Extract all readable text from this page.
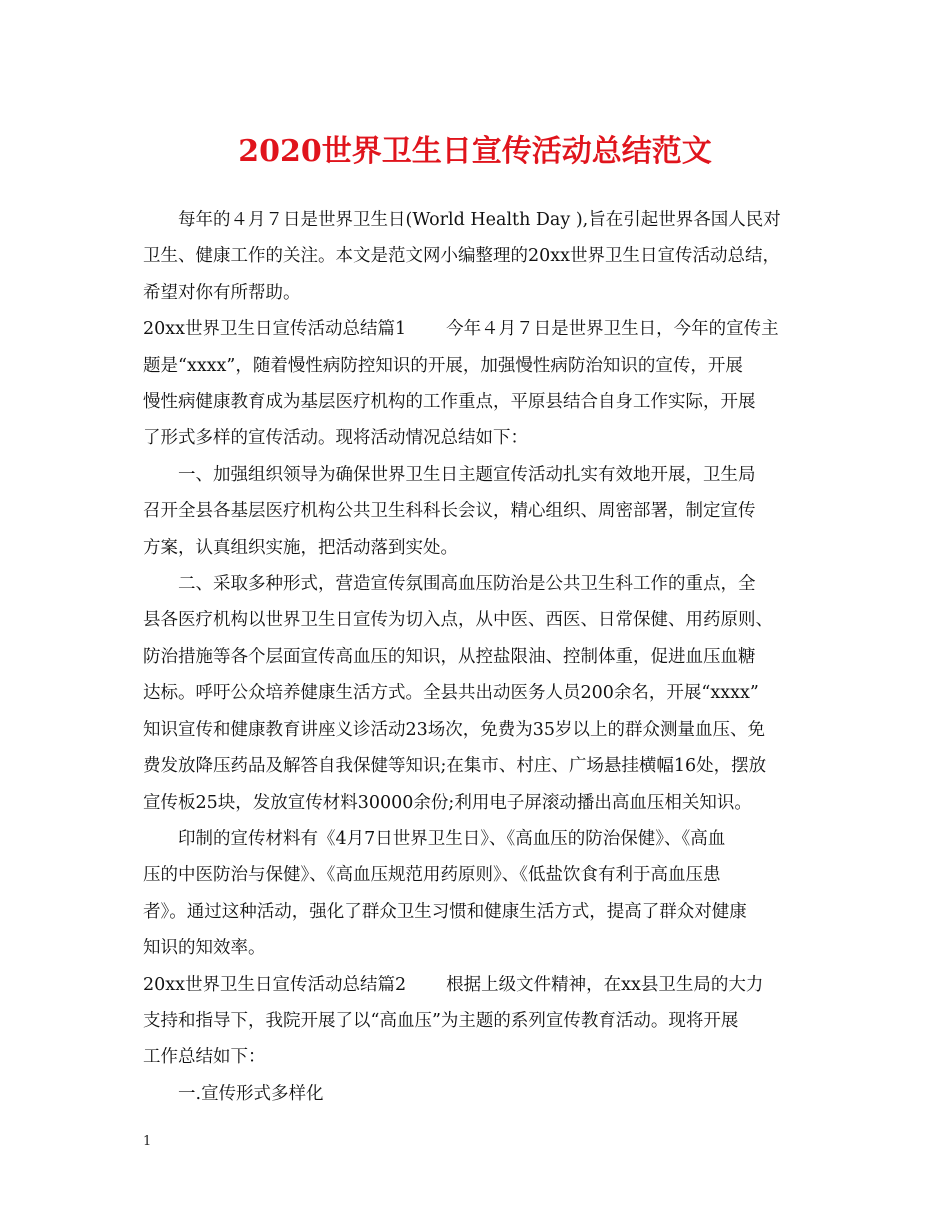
2020世界卫生日宣传活动总结范文

　　每年的４月７日是世界卫生日(World Health Day ),旨在引起世界各国人民对

卫生、健康工作的关注。本文是范文网小编整理的20xx世界卫生日宣传活动总结，

希望对你有所帮助。

20xx世界卫生日宣传活动总结篇1 今年４月７日是世界卫生日，今年的宣传主

题是“xxxx”，随着慢性病防控知识的开展，加强慢性病防治知识的宣传，开展

慢性病健康教育成为基层医疗机构的工作重点，平原县结合自身工作实际，开展

了形式多样的宣传活动。现将活动情况总结如下：

　　一、加强组织领导为确保世界卫生日主题宣传活动扎实有效地开展，卫生局

召开全县各基层医疗机构公共卫生科科长会议，精心组织、周密部署，制定宣传

方案，认真组织实施，把活动落到实处。

　　二、采取多种形式，营造宣传氛围高血压防治是公共卫生科工作的重点，全

县各医疗机构以世界卫生日宣传为切入点，从中医、西医、日常保健、用药原则、

防治措施等各个层面宣传高血压的知识，从控盐限油、控制体重，促进血压血糖

达标。呼吁公众培养健康生活方式。全县共出动医务人员200余名，开展“xxxx”

知识宣传和健康教育讲座义诊活动23场次，免费为35岁以上的群众测量血压、免

费发放降压药品及解答自我保健等知识;在集市、村庄、广场悬挂横幅16处，摆放

宣传板25块，发放宣传材料30000余份;利用电子屏滚动播出高血压相关知识。

　　印制的宣传材料有《4月7日世界卫生日》、《高血压的防治保健》、《高血

压的中医防治与保健》、《高血压规范用药原则》、《低盐饮食有利于高血压患

者》。通过这种活动，强化了群众卫生习惯和健康生活方式，提高了群众对健康

知识的知效率。

20xx世界卫生日宣传活动总结篇2 根据上级文件精神，在xx县卫生局的大力

支持和指导下，我院开展了以“高血压”为主题的系列宣传教育活动。现将开展

工作总结如下：

　　一.宣传形式多样化

1
